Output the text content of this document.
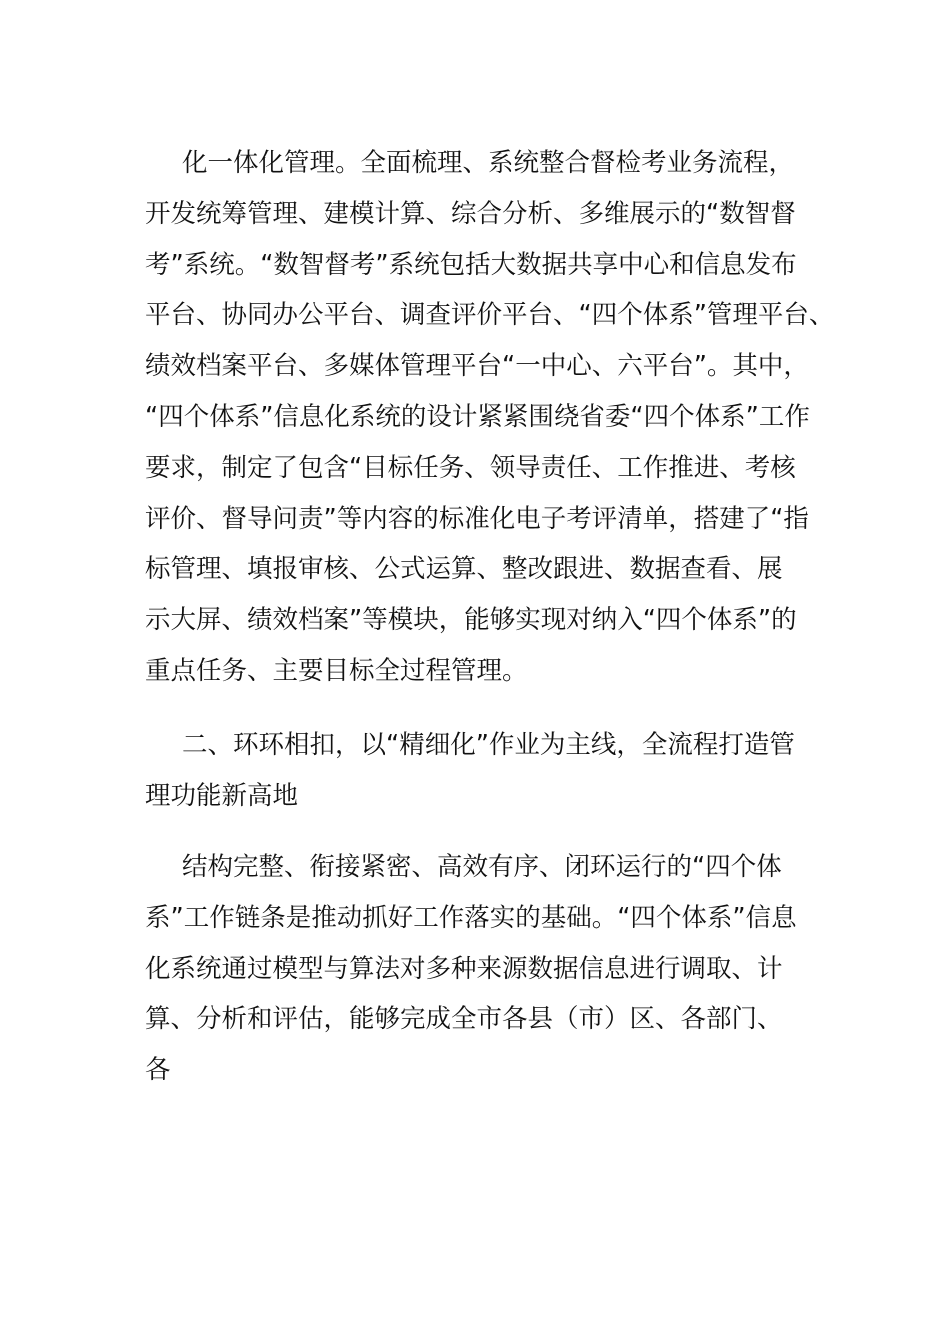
化一体化管理。全面梳理、系统整合督检考业务流程，
开发统筹管理、建模计算、综合分析、多维展示的“数智督
考”系统。“数智督考”系统包括大数据共享中心和信息发布
平台、协同办公平台、调查评价平台、“四个体系”管理平台、
绩效档案平台、多媒体管理平台“一中心、六平台”。其中，
“四个体系”信息化系统的设计紧紧围绕省委“四个体系”工作
要求，制定了包含“目标任务、领导责任、工作推进、考核
评价、督导问责”等内容的标准化电子考评清单，搭建了“指
标管理、填报审核、公式运算、整改跟进、数据查看、展
示大屏、绩效档案”等模块，能够实现对纳入“四个体系”的
重点任务、主要目标全过程管理。
二、环环相扣，以“精细化”作业为主线，全流程打造管
理功能新高地
结构完整、衔接紧密、高效有序、闭环运行的“四个体
系”工作链条是推动抓好工作落实的基础。“四个体系”信息
化系统通过模型与算法对多种来源数据信息进行调取、计
算、分析和评估，能够完成全市各县（市）区、各部门、
各
